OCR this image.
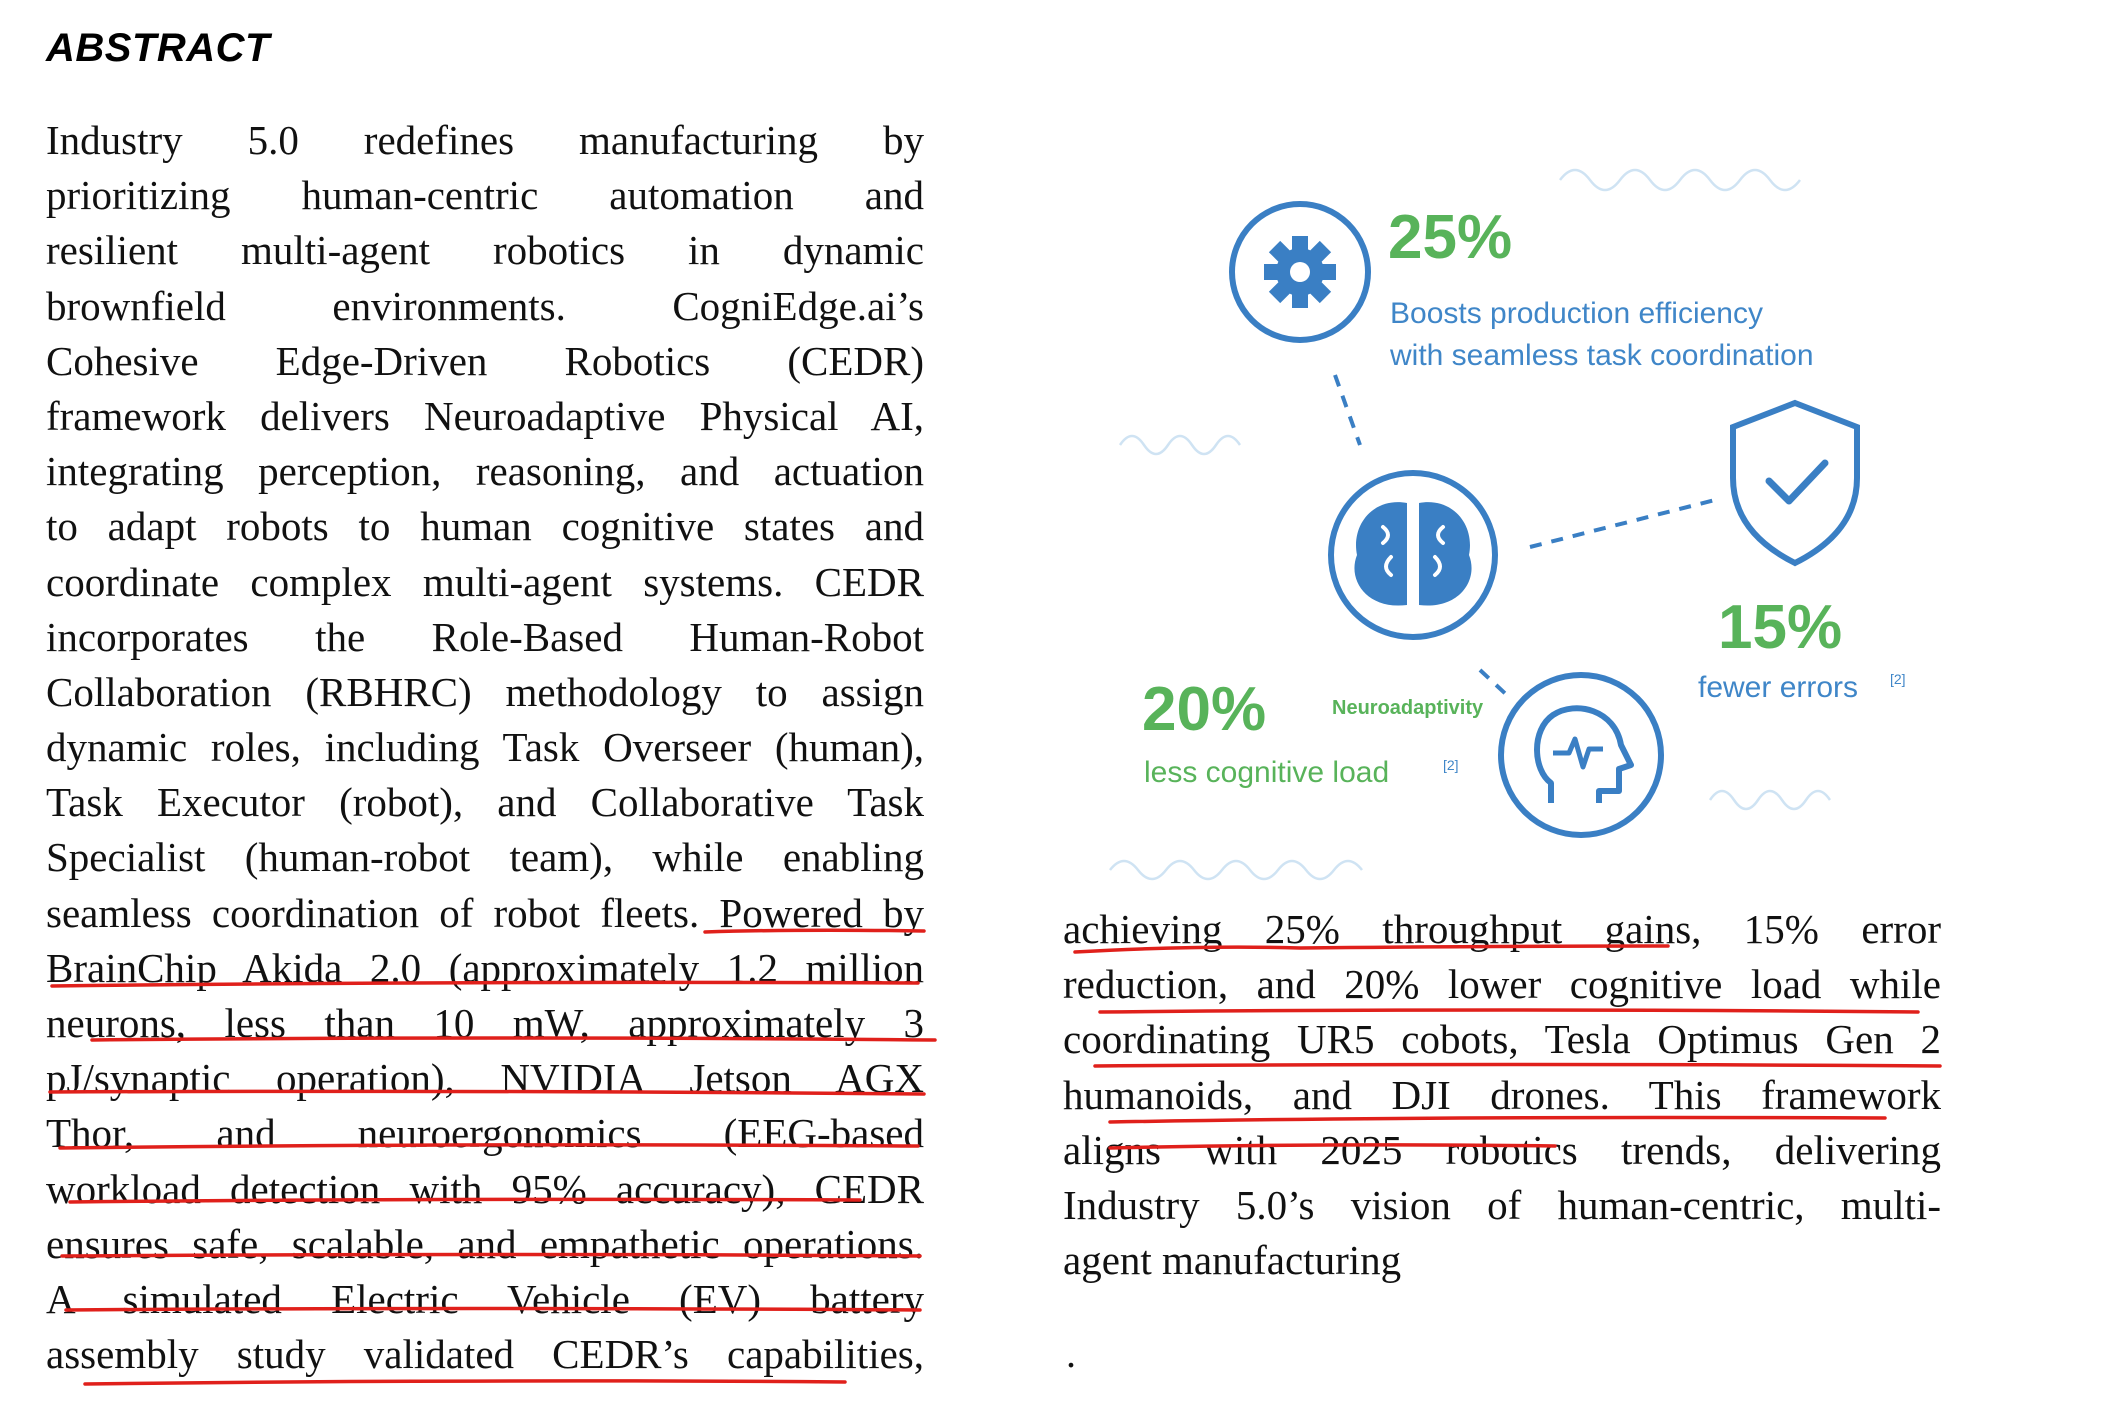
ABSTRACT
Industry 5.0 redefines manufacturing by
prioritizing human-centric automation and
resilient multi-agent robotics in dynamic
brownfield environments. CogniEdge.ai’s
Cohesive Edge-Driven Robotics (CEDR)
framework delivers Neuroadaptive Physical AI,
integrating perception, reasoning, and actuation
to adapt robots to human cognitive states and
coordinate complex multi-agent systems. CEDR
incorporates the Role-Based Human-Robot
Collaboration (RBHRC) methodology to assign
dynamic roles, including Task Overseer (human),
Task Executor (robot), and Collaborative Task
Specialist (human-robot team), while enabling
seamless coordination of robot fleets. Powered by
BrainChip Akida 2.0 (approximately 1.2 million
neurons, less than 10 mW, approximately 3
pJ/synaptic operation), NVIDIA Jetson AGX
Thor, and neuroergonomics (EEG-based
workload detection with 95% accuracy), CEDR
ensures safe, scalable, and empathetic operations.
A simulated Electric Vehicle (EV) battery
assembly study validated CEDR’s capabilities,
achieving 25% throughput gains, 15% error
reduction, and 20% lower cognitive load while
coordinating UR5 cobots, Tesla Optimus Gen 2
humanoids, and DJI drones. This framework
aligns with 2025 robotics trends, delivering
Industry 5.0’s vision of human-centric, multi-
agent manufacturing
.
25%
Boosts production efficiency
with seamless task coordination
15%
fewer errors [2]
20%
less cognitive load	[2]
Neuroadaptivity
